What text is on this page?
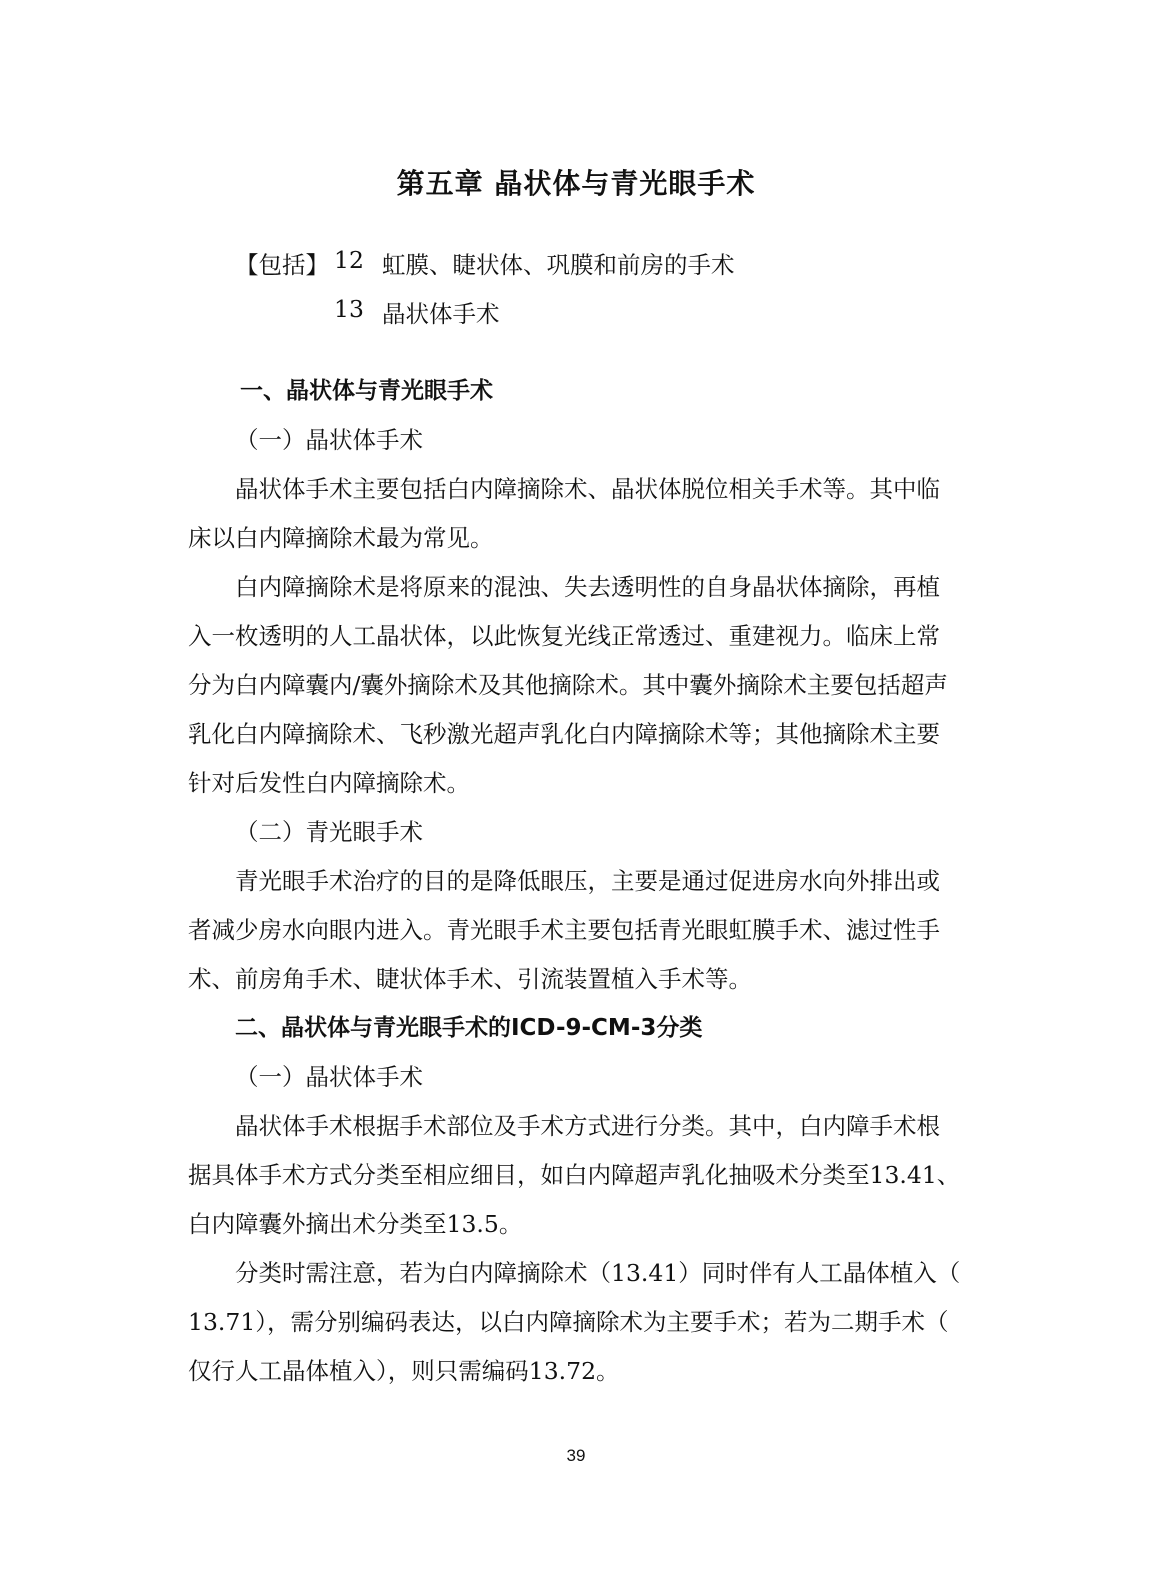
第五章 晶状体与青光眼手术
【包括】 12 虹膜、睫状体、巩膜和前房的手术
13 晶状体手术
一、晶状体与青光眼手术
（一）晶状体手术
晶状体手术主要包括白内障摘除术、晶状体脱位相关手术等。其中临
床以白内障摘除术最为常见。
白内障摘除术是将原来的混浊、失去透明性的自身晶状体摘除，再植
入一枚透明的人工晶状体，以此恢复光线正常透过、重建视力。临床上常
分为白内障囊内/囊外摘除术及其他摘除术。其中囊外摘除术主要包括超声
乳化白内障摘除术、飞秒激光超声乳化白内障摘除术等；其他摘除术主要
针对后发性白内障摘除术。
（二）青光眼手术
青光眼手术治疗的目的是降低眼压，主要是通过促进房水向外排出或
者减少房水向眼内进入。青光眼手术主要包括青光眼虹膜手术、滤过性手
术、前房角手术、睫状体手术、引流装置植入手术等。
二、晶状体与青光眼手术的ICD-9-CM-3分类
（一）晶状体手术
晶状体手术根据手术部位及手术方式进行分类。其中，白内障手术根
据具体手术方式分类至相应细目，如白内障超声乳化抽吸术分类至13.41、
白内障囊外摘出术分类至13.5。
分类时需注意，若为白内障摘除术（13.41）同时伴有人工晶体植入（
13.71），需分别编码表达，以白内障摘除术为主要手术；若为二期手术（
仅行人工晶体植入），则只需编码13.72。
39
